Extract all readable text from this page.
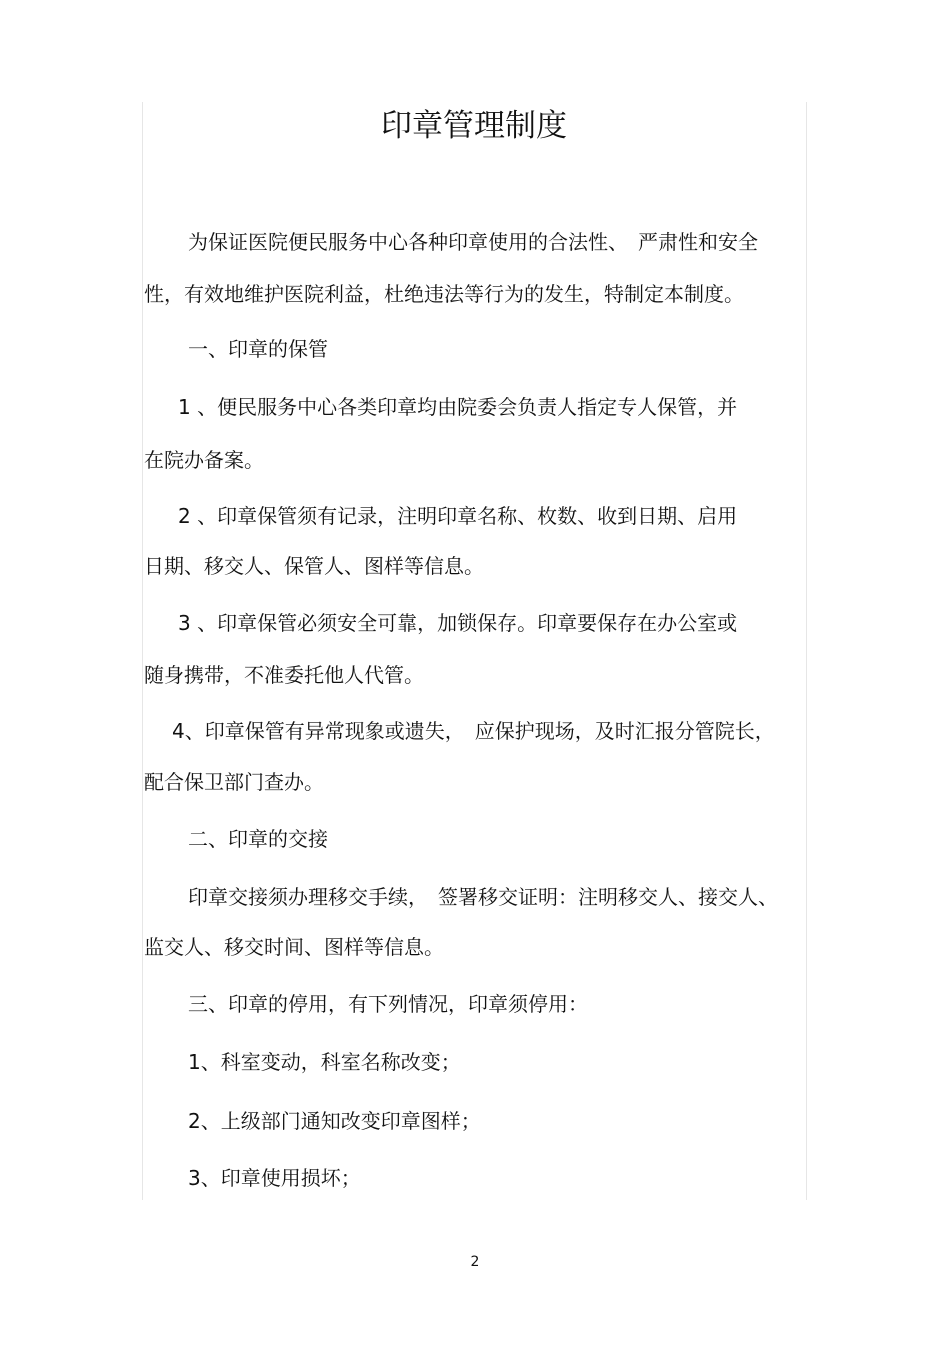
印章管理制度
为保证医院便民服务中心各种印章使用的合法性、　严肃性和安全
性，有效地维护医院利益，杜绝违法等行为的发生，特制定本制度。
一、印章的保管
1 、便民服务中心各类印章均由院委会负责人指定专人保管，并
在院办备案。
2 、印章保管须有记录，注明印章名称、枚数、收到日期、启用
日期、移交人、保管人、图样等信息。
3 、印章保管必须安全可靠，加锁保存。印章要保存在办公室或
随身携带，不准委托他人代管。
4、印章保管有异常现象或遗失，　应保护现场，及时汇报分管院长，
配合保卫部门查办。
二、印章的交接
印章交接须办理移交手续，　签署移交证明：注明移交人、接交人、
监交人、移交时间、图样等信息。
三、印章的停用，有下列情况，印章须停用：
1、科室变动，科室名称改变；
2、上级部门通知改变印章图样；
3、印章使用损坏；
2
